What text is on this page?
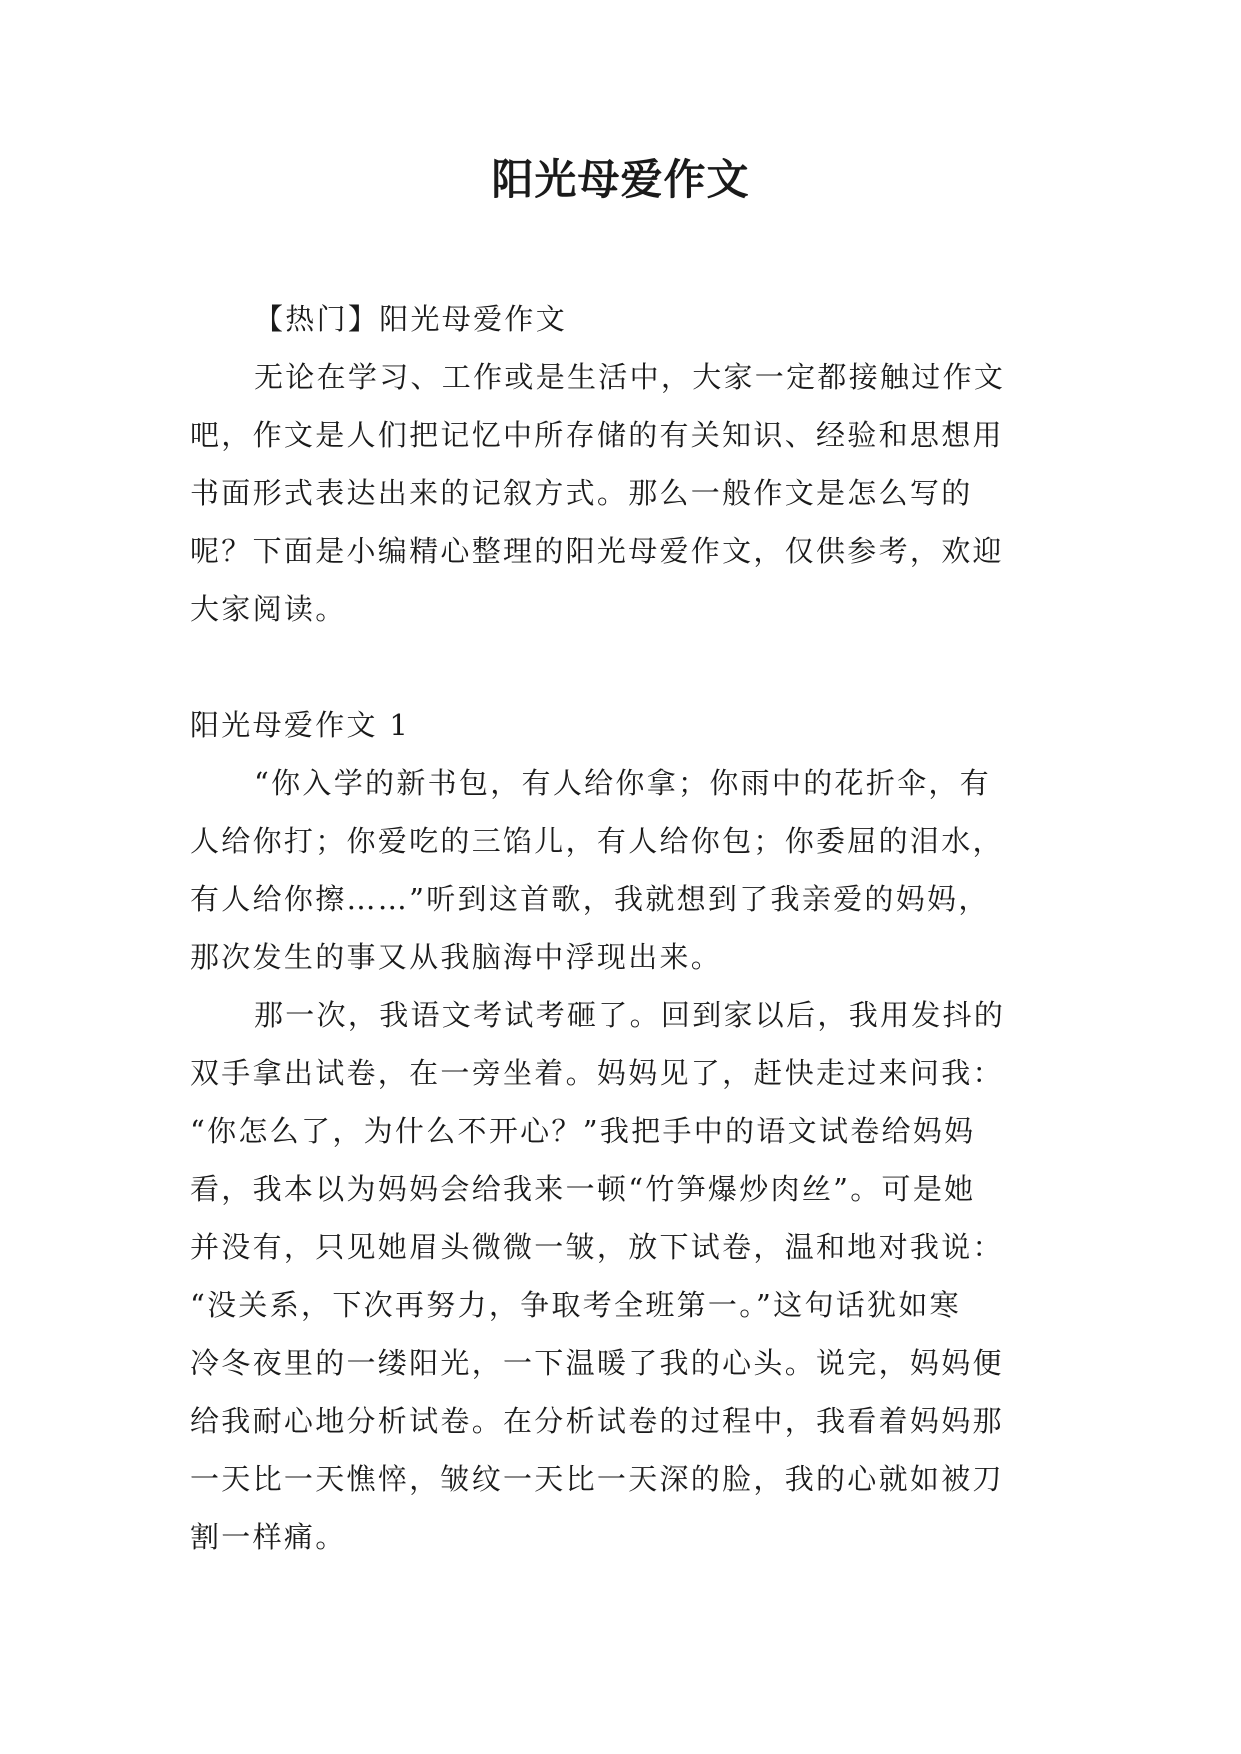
阳光母爱作文
【热门】阳光母爱作文
无论在学习、工作或是生活中，大家一定都接触过作文
吧，作文是人们把记忆中所存储的有关知识、经验和思想用
书面形式表达出来的记叙方式。那么一般作文是怎么写的
呢？下面是小编精心整理的阳光母爱作文，仅供参考，欢迎
大家阅读。
阳光母爱作文 1
“你入学的新书包，有人给你拿；你雨中的花折伞，有
人给你打；你爱吃的三馅儿，有人给你包；你委屈的泪水，
有人给你擦……”听到这首歌，我就想到了我亲爱的妈妈，
那次发生的事又从我脑海中浮现出来。
那一次，我语文考试考砸了。回到家以后，我用发抖的
双手拿出试卷，在一旁坐着。妈妈见了，赶快走过来问我：
“你怎么了，为什么不开心？”我把手中的语文试卷给妈妈
看，我本以为妈妈会给我来一顿“竹笋爆炒肉丝”。可是她
并没有，只见她眉头微微一皱，放下试卷，温和地对我说：
“没关系，下次再努力，争取考全班第一。”这句话犹如寒
冷冬夜里的一缕阳光，一下温暖了我的心头。说完，妈妈便
给我耐心地分析试卷。在分析试卷的过程中，我看着妈妈那
一天比一天憔悴，皱纹一天比一天深的脸，我的心就如被刀
割一样痛。
